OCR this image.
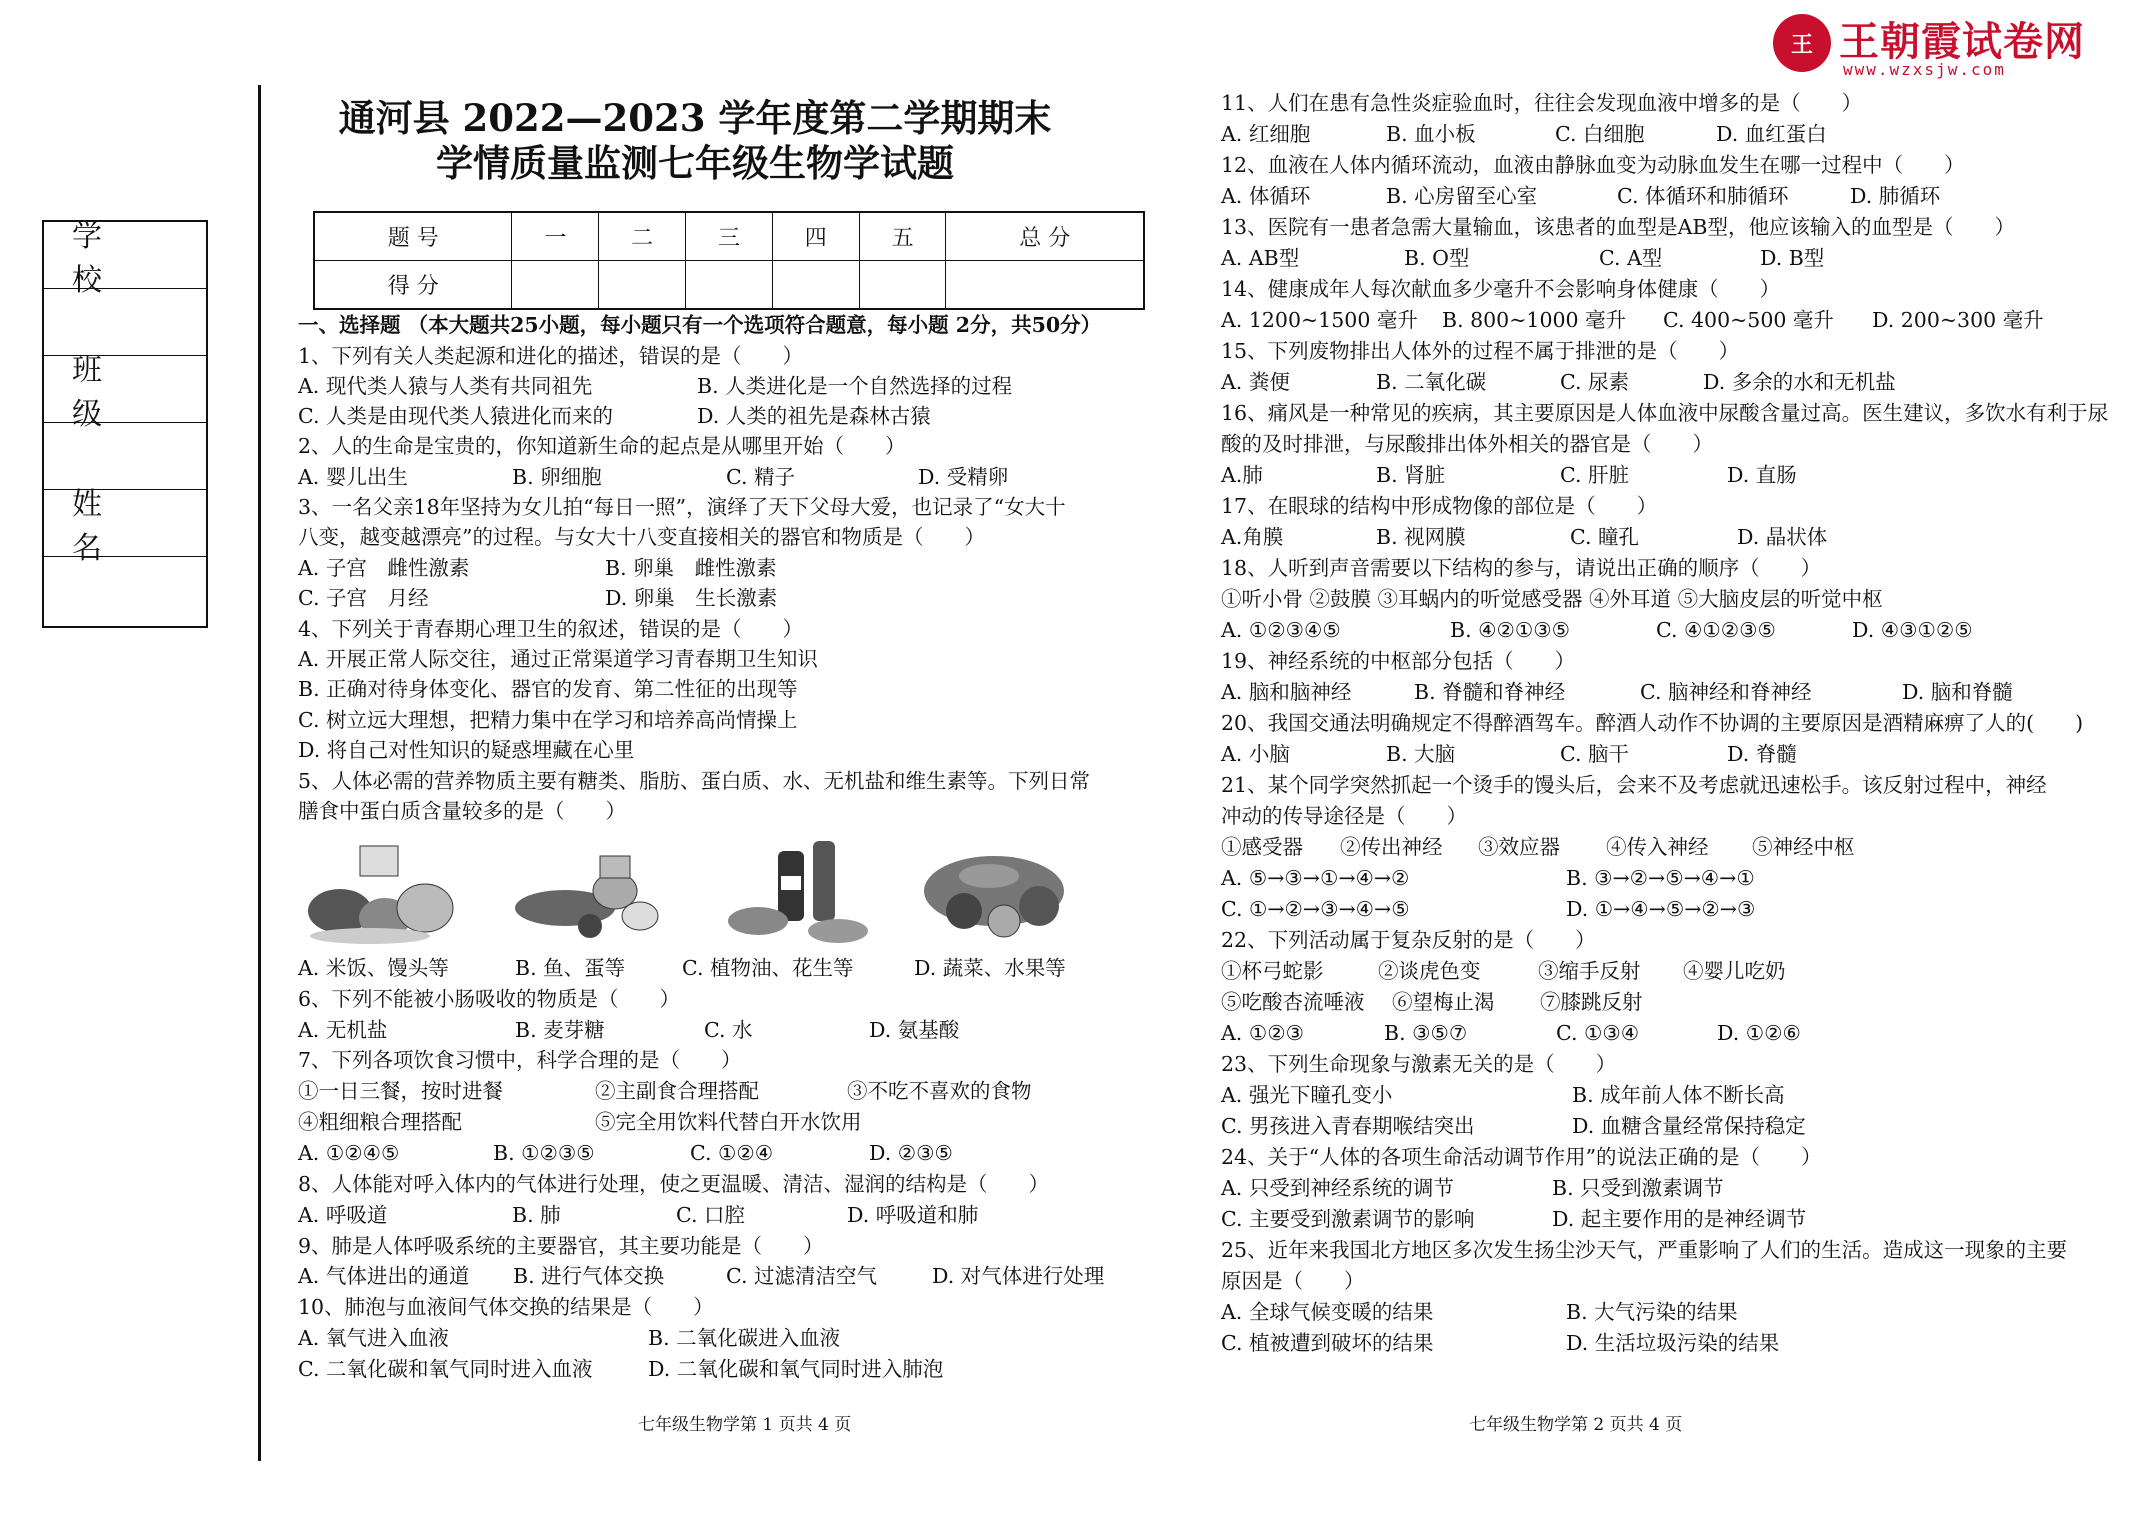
王 王朝霞试卷网
www.wzxsjw.com
学 校
班 级
姓 名
通河县 2022—2023 学年度第二学期期末
学情质量监测七年级生物学试题
题 号	一	二	三	四	五	总 分
得 分						
一、选择题 （本大题共25小题，每小题只有一个选项符合题意，每小题 2分，共50分）
1、下列有关人类起源和进化的描述，错误的是（　　）
A. 现代类人猿与人类有共同祖先	B. 人类进化是一个自然选择的过程
C. 人类是由现代类人猿进化而来的	D. 人类的祖先是森林古猿
2、人的生命是宝贵的，你知道新生命的起点是从哪里开始（　　）
A. 婴儿出生	B. 卵细胞	C. 精子	D. 受精卵
3、一名父亲18年坚持为女儿拍“每日一照”，演绎了天下父母大爱，也记录了“女大十
八变，越变越漂亮”的过程。与女大十八变直接相关的器官和物质是（　　）
A. 子宫　雌性激素	B. 卵巢　雌性激素
C. 子宫　月经	D. 卵巢　生长激素
4、下列关于青春期心理卫生的叙述，错误的是（　　）
A. 开展正常人际交往，通过正常渠道学习青春期卫生知识
B. 正确对待身体变化、器官的发育、第二性征的出现等
C. 树立远大理想，把精力集中在学习和培养高尚情操上
D. 将自己对性知识的疑惑埋藏在心里
5、人体必需的营养物质主要有糖类、脂肪、蛋白质、水、无机盐和维生素等。下列日常
膳食中蛋白质含量较多的是（　　）
A. 米饭、馒头等	B. 鱼、蛋等	C. 植物油、花生等	D. 蔬菜、水果等
6、下列不能被小肠吸收的物质是（　　）
A. 无机盐	B. 麦芽糖	C. 水	D. 氨基酸
7、下列各项饮食习惯中，科学合理的是（　　）
①一日三餐，按时进餐	②主副食合理搭配	③不吃不喜欢的食物
④粗细粮合理搭配	⑤完全用饮料代替白开水饮用
A. ①②④⑤	B. ①②③⑤	C. ①②④	D. ②③⑤
8、人体能对呼入体内的气体进行处理，使之更温暖、清洁、湿润的结构是（　　）
A. 呼吸道	B. 肺	C. 口腔	D. 呼吸道和肺
9、肺是人体呼吸系统的主要器官，其主要功能是（　　）
A. 气体进出的通道 B. 进行气体交换	C. 过滤清洁空气	D. 对气体进行处理
10、肺泡与血液间气体交换的结果是（　　）
A. 氧气进入血液	B. 二氧化碳进入血液
C. 二氧化碳和氧气同时进入血液	D. 二氧化碳和氧气同时进入肺泡
七年级生物学第 1 页共 4 页
11、人们在患有急性炎症验血时，往往会发现血液中增多的是（　　）
A. 红细胞	B. 血小板	C. 白细胞	D. 血红蛋白
12、血液在人体内循环流动，血液由静脉血变为动脉血发生在哪一过程中（　　）
A. 体循环	B. 心房留至心室	C. 体循环和肺循环	D. 肺循环
13、医院有一患者急需大量输血，该患者的血型是AB型，他应该输入的血型是（　　）
A. AB型	B. O型	C. A型	D. B型
14、健康成年人每次献血多少毫升不会影响身体健康（　　）
A. 1200~1500 毫升 B. 800~1000 毫升 C. 400~500 毫升 D. 200~300 毫升
15、下列废物排出人体外的过程不属于排泄的是（　　）
A. 粪便	B. 二氧化碳	C. 尿素	D. 多余的水和无机盐
16、痛风是一种常见的疾病，其主要原因是人体血液中尿酸含量过高。医生建议，多饮水有利于尿
酸的及时排泄，与尿酸排出体外相关的器官是（　　）
A.肺	B. 肾脏	C. 肝脏	D. 直肠
17、在眼球的结构中形成物像的部位是（　　）
A.角膜	B. 视网膜	C. 瞳孔	D. 晶状体
18、人听到声音需要以下结构的参与，请说出正确的顺序（　　）
①听小骨 ②鼓膜 ③耳蜗内的听觉感受器 ④外耳道 ⑤大脑皮层的听觉中枢
A. ①②③④⑤	B. ④②①③⑤	C. ④①②③⑤	D. ④③①②⑤
19、神经系统的中枢部分包括（　　）
A. 脑和脑神经	B. 脊髓和脊神经	C. 脑神经和脊神经	D. 脑和脊髓
20、我国交通法明确规定不得醉酒驾车。醉酒人动作不协调的主要原因是酒精麻痹了人的(　　)
A. 小脑	B. 大脑	C. 脑干	D. 脊髓
21、某个同学突然抓起一个烫手的馒头后，会来不及考虑就迅速松手。该反射过程中，神经
冲动的传导途径是（　　）
①感受器 ②传出神经 ③效应器 ④传入神经 ⑤神经中枢
A. ⑤→③→①→④→②	B. ③→②→⑤→④→①
C. ①→②→③→④→⑤	D. ①→④→⑤→②→③
22、下列活动属于复杂反射的是（　　）
①杯弓蛇影	②谈虎色变	③缩手反射 ④婴儿吃奶
⑤吃酸杏流唾液 ⑥望梅止渴 ⑦膝跳反射
A. ①②③	B. ③⑤⑦	C. ①③④	D. ①②⑥
23、下列生命现象与激素无关的是（　　）
A. 强光下瞳孔变小	B. 成年前人体不断长高
C. 男孩进入青春期喉结突出	D. 血糖含量经常保持稳定
24、关于“人体的各项生命活动调节作用”的说法正确的是（　　）
A. 只受到神经系统的调节	B. 只受到激素调节
C. 主要受到激素调节的影响	D. 起主要作用的是神经调节
25、近年来我国北方地区多次发生扬尘沙天气，严重影响了人们的生活。造成这一现象的主要
原因是（　　）
A. 全球气候变暖的结果	B. 大气污染的结果
C. 植被遭到破坏的结果	D. 生活垃圾污染的结果
七年级生物学第 2 页共 4 页
